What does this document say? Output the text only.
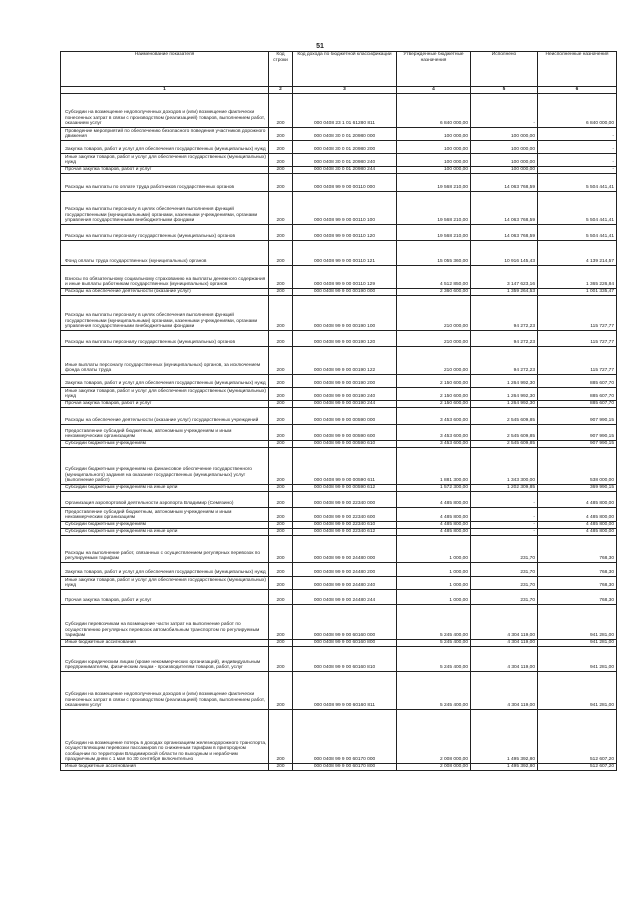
51
Наименование показателя	Код строки	Код дохода по бюджетной классификации	Утвержденные бюджетные назначения	Исполнено	Неисполненные назначения
1	2	3	4	5	6
Субсидии на возмещение недополученных доходов и (или) возмещение фактически понесенных затрат в связи с производством (реализацией) товаров, выполнением работ, оказанием услуг	200	000 0408 23 1 01 61280 811	6 840 000,00	-	6 840 000,00
Проведение мероприятий по обеспечению безопасного поведения участников дорожного движения	200	000 0408 30 0 01 20980 000	100 000,00	100 000,00	-
Закупка товаров, работ и услуг для обеспечения государственных (муниципальных) нужд	200	000 0408 30 0 01 20980 200	100 000,00	100 000,00	-
Иные закупки товаров, работ и услуг для обеспечения государственных (муниципальных) нужд	200	000 0408 30 0 01 20980 240	100 000,00	100 000,00	-
Прочая закупка товаров, работ и услуг	200	000 0408 30 0 01 20980 244	100 000,00	100 000,00	-
Расходы на выплаты по оплате труда работников государственных органов	200	000 0408 99 9 00 00110 000	19 568 210,00	14 063 768,59	5 504 441,41
Расходы на выплаты персоналу в целях обеспечения выполнения функций государственными (муниципальными) органами, казенными учреждениями, органами управления государственными внебюджетными фондами	200	000 0408 99 9 00 00110 100	19 568 210,00	14 063 768,59	5 504 441,41
Расходы на выплаты персоналу государственных (муниципальных) органов	200	000 0408 99 9 00 00110 120	19 568 210,00	14 063 768,59	5 504 441,41
Фонд оплаты труда государственных (муниципальных) органов	200	000 0408 99 9 00 00110 121	15 055 360,00	10 916 145,43	4 139 214,57
Взносы по обязательному социальному страхованию на выплаты денежного содержания и иные выплаты работникам государственных (муниципальных) органов	200	000 0408 99 9 00 00110 129	4 512 850,00	3 147 623,16	1 365 226,84
Расходы на обеспечение деятельности (оказание услуг)	200	000 0408 99 9 00 00190 000	2 360 600,00	1 359 264,53	1 001 335,47
Расходы на выплаты персоналу в целях обеспечения выполнения функций государственными (муниципальными) органами, казенными учреждениями, органами управления государственными внебюджетными фондами	200	000 0408 99 9 00 00190 100	210 000,00	94 272,23	115 727,77
Расходы на выплаты персоналу государственных (муниципальных) органов	200	000 0408 99 9 00 00190 120	210 000,00	94 272,23	115 727,77
Иные выплаты персоналу государственных (муниципальных) органов, за исключением фонда оплаты труда	200	000 0408 99 9 00 00190 122	210 000,00	94 272,23	115 727,77
Закупка товаров, работ и услуг для обеспечения государственных (муниципальных) нужд	200	000 0408 99 9 00 00190 200	2 150 600,00	1 264 992,30	885 607,70
Иные закупки товаров, работ и услуг для обеспечения государственных (муниципальных) нужд	200	000 0408 99 9 00 00190 240	2 150 600,00	1 264 992,30	885 607,70
Прочая закупка товаров, работ и услуг	200	000 0408 99 9 00 00190 244	2 150 600,00	1 264 992,30	885 607,70
Расходы на обеспечение деятельности (оказание услуг) государственных учреждений	200	000 0408 99 9 00 00590 000	3 453 600,00	2 545 609,85	907 990,15
Предоставление субсидий бюджетным, автономным учреждениям и иным некоммерческим организациям	200	000 0408 99 9 00 00590 600	3 453 600,00	2 545 609,85	907 990,15
Субсидии бюджетным учреждениям	200	000 0408 99 9 00 00590 610	3 453 600,00	2 545 609,85	907 990,15
Субсидии бюджетным учреждениям на финансовое обеспечение государственного (муниципального) задания на оказание государственных (муниципальных) услуг (выполнение работ)	200	000 0408 99 9 00 00590 611	1 881 300,00	1 343 300,00	538 000,00
Субсидии бюджетным учреждениям на иные цели	200	000 0408 99 9 00 00590 612	1 572 300,00	1 202 309,85	369 990,15
Организация аэропортовой деятельности аэропорта Владимир (Семязино)	200	000 0408 99 9 00 22340 000	4 485 800,00	-	4 485 800,00
Предоставление субсидий бюджетным, автономным учреждениям и иным некоммерческим организациям	200	000 0408 99 9 00 22340 600	4 485 800,00	-	4 485 800,00
Субсидии бюджетным учреждениям	200	000 0408 99 9 00 22340 610	4 485 800,00	-	4 485 800,00
Субсидии бюджетным учреждениям на иные цели	200	000 0408 99 9 00 22340 612	4 485 800,00	-	4 485 800,00
Расходы на выполнение работ, связанных с осуществлением регулярных перевозок по регулируемым тарифам	200	000 0408 99 9 00 24480 000	1 000,00	231,70	768,30
Закупка товаров, работ и услуг для обеспечения государственных (муниципальных) нужд	200	000 0408 99 9 00 24480 200	1 000,00	231,70	768,30
Иные закупки товаров, работ и услуг для обеспечения государственных (муниципальных) нужд	200	000 0408 99 9 00 24480 240	1 000,00	231,70	768,30
Прочая закупка товаров, работ и услуг	200	000 0408 99 9 00 24480 244	1 000,00	231,70	768,30
Субсидии перевозчикам на возмещение части затрат на выполнение работ по осуществлению регулярных перевозок автомобильным транспортом по регулируемым тарифам	200	000 0408 99 9 00 60160 000	5 245 400,00	4 304 119,00	941 281,00
Иные бюджетные ассигнования	200	000 0408 99 9 00 60160 800	5 245 400,00	4 304 119,00	941 281,00
Субсидии юридическим лицам (кроме некоммерческих организаций), индивидуальным предпринимателям, физическим лицам - производителям товаров, работ, услуг	200	000 0408 99 9 00 60160 810	5 245 400,00	4 304 119,00	941 281,00
Субсидии на возмещение недополученных доходов и (или) возмещение фактически понесенных затрат в связи с производством (реализацией) товаров, выполнением работ, оказанием услуг	200	000 0408 99 9 00 60160 811	5 245 400,00	4 304 119,00	941 281,00
Субсидии на возмещение потерь в доходах организациям железнодорожного транспорта, осуществляющим перевозки пассажиров по сниженным тарифам в пригородном сообщении по территории Владимирской области по выходным и нерабочим праздничным дням с 1 мая по 30 сентября включительно	200	000 0408 99 9 00 60170 000	2 008 000,00	1 495 392,80	512 607,20
Иные бюджетные ассигнования	200	000 0408 99 9 00 60170 800	2 008 000,00	1 495 392,80	512 607,20
